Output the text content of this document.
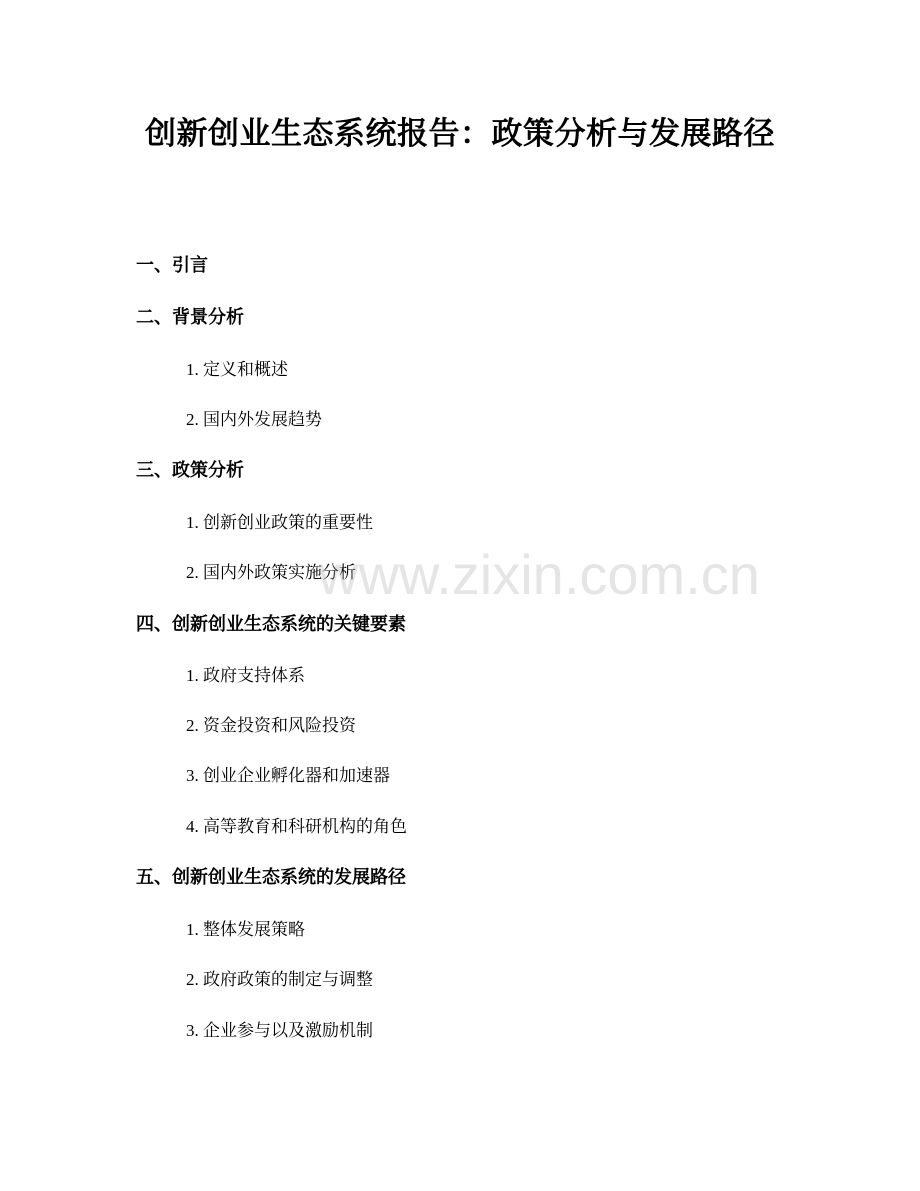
创新创业生态系统报告：政策分析与发展路径
一、引言
二、背景分析
1. 定义和概述
2. 国内外发展趋势
三、政策分析
1. 创新创业政策的重要性
2. 国内外政策实施分析
四、创新创业生态系统的关键要素
1. 政府支持体系
2. 资金投资和风险投资
3. 创业企业孵化器和加速器
4. 高等教育和科研机构的角色
五、创新创业生态系统的发展路径
1. 整体发展策略
2. 政府政策的制定与调整
3. 企业参与以及激励机制
www.zixin.com.cn
